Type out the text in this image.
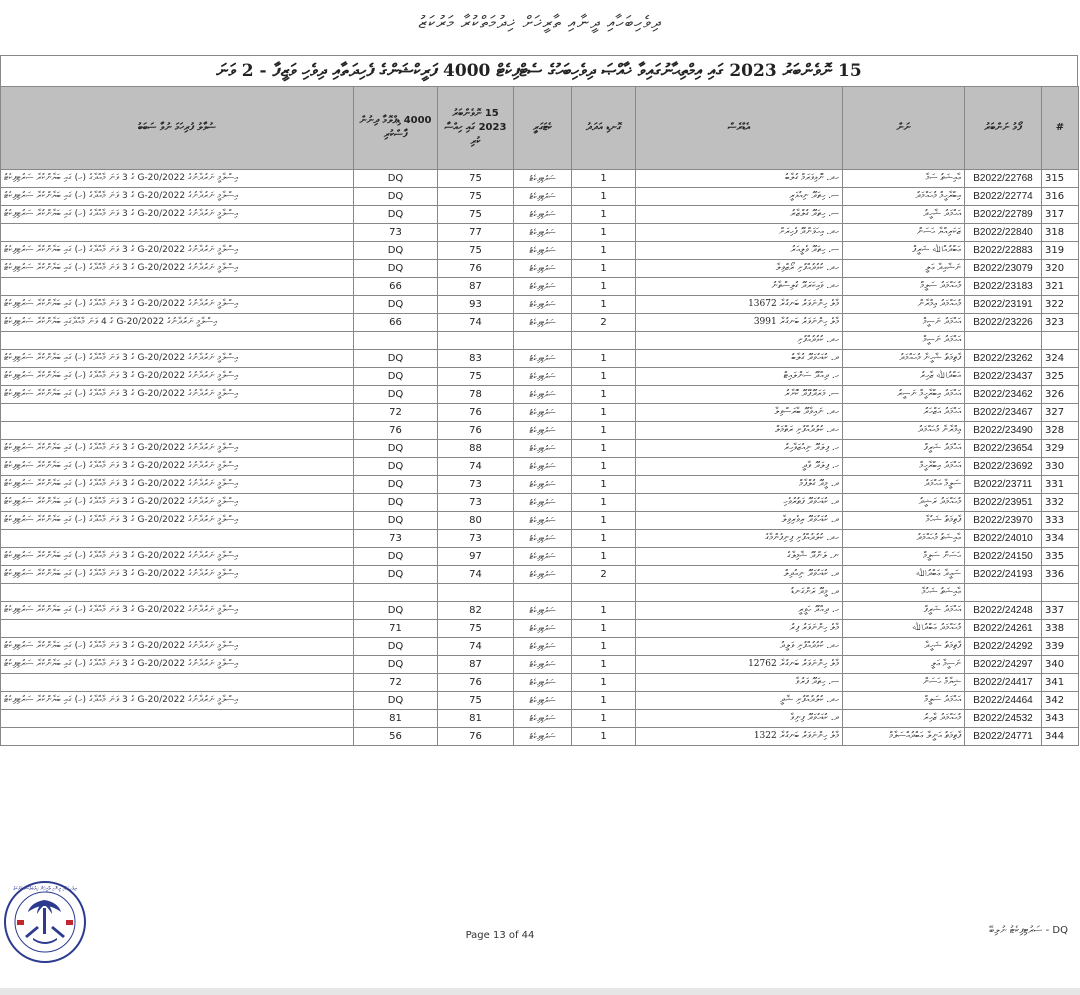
ދިވެހިބަހާއި ދީނާއި ތާރީޚަށް ޚިދުމަތްކުރާ މަރުކަޒު
15 ނޮވެންބަރު 2023 ގައި އިމްތިޙާނުގައިވާ ޚާއްޞަ ދިވެހިބަހުގެ ސެޓްފިކެޓް 4000 ފަރީކްޝަންގެ ފެހިދަތާއި ދިވެހި ވަޒީފާ - 2 ވަނަ
ސުވާލު ފުރިހަމަ ނުވާ ސަބަބު	4000 ޑިޕްލޮމާ ދިނުން ފާސްކުރި	15 ނޮވެންބަރު 2023 ގައި ހިއްސާ ކުރި	ކެޓަގަރީ	ގޮނޑި އަދަދު	އެޑްރެސް	ނަން	ފޯމު ނަންބަރު	#
އިސްލާމީ ނަރުދާނުގެ G-20/2022 ގެ 3 ވަނަ މާއްދާގެ (ހ) ގައި ބަޔާންކުރާ ސަރުޓިފިކެޓު	DQ	75	ސަރުޓިފިކެޓު	1	ހދ. ނޮޅިވަރަމް ގުލާބު	ޢާއިޝަތު ސަމާ	B2022/22768	315
އިސްލާމީ ނަރުދާނުގެ G-20/2022 ގެ 3 ވަނަ މާއްދާގެ (ހ) ގައި ބަޔާންކުރާ ސަރުޓިފިކެޓު	DQ	75	ސަރުޓިފިކެޓު	1	ސ. ހިތަދޫ ނިއުޅަރީ	އިބްރާހީމް މުޙައްމަދު	B2022/22774	316
އިސްލާމީ ނަރުދާނުގެ G-20/2022 ގެ 3 ވަނަ މާއްދާގެ (ހ) ގައި ބަޔާންކުރާ ސަރުޓިފިކެޓު	DQ	75	ސަރުޓިފިކެޓު	1	ސ. ހިތަދޫ ގުލްޒާރު	އަޙްމަދު ޝާހީދު	B2022/22789	317
	73	77	ސަރުޓިފިކެޓު	1	ހދ. އިހަވަންދޫ ފެހިރަށް	ޒަކަރިއްޔާ ޙަސަން	B2022/22840	318
އިސްލާމީ ނަރުދާނުގެ G-20/2022 ގެ 3 ވަނަ މާއްދާގެ (ހ) ގައި ބަޔާންކުރާ ސަރުޓިފިކެޓު	DQ	75	ސަރުޓިފިކެޓު	1	ސ. ހިތަދޫ ވެލީއަރު	ޢަބްދުއްﷲ ޝަރީފް	B2022/22883	319
އިސްލާމީ ނަރުދާނުގެ G-20/2022 ގެ 3 ވަނަ މާއްދާގެ (ހ) ގައި ބަޔާންކުރާ ސަރުޓިފިކެޓު	DQ	76	ސަރުޓިފިކެޓު	1	ހދ. ކުޅުދުއްފުށި ރޯޒްވިލާ	ނަޝާއިދާ ޢަލީ	B2022/23079	320
	66	87	ސަރުޓިފިކެޓު	1	ހދ. ވައިކަރަދޫ ގުލިސްތާނު	މުޙައްމަދު ސަލީމް	B2022/23183	321
އިސްލާމީ ނަރުދާނުގެ G-20/2022 ގެ 3 ވަނަ މާއްދާގެ (ހ) ގައި ބަޔާންކުރާ ސަރުޓިފިކެޓު	DQ	93	ސަރުޓިފިކެޓު	1	މާލެ ހިންނަވަރު ބަނގުރާ 13672	މުޙައްމަދު ޢިމްރާން	B2022/23191	322
އިސްލާމީ ނަރުދާނުގެ G-20/2022 ގެ 4 ވަނަ މާއްދާގައި ބަޔާންކުރާ ސަރުޓިފިކެޓު	66	74	ސަރުޓިފިކެޓު	2	މާލެ ހިންނަވަރު ބަނގުރާ 3991	އަޙްމަދު ނަސީމް	B2022/23226	323
					ހދ. ކުޅުދުއްފުށި	އަޙްމަދު ނަސީމް		
އިސްލާމީ ނަރުދާނުގެ G-20/2022 ގެ 3 ވަނަ މާއްދާގެ (ހ) ގައި ބަޔާންކުރާ ސަރުޓިފިކެޓު	DQ	83	ސަރުޓިފިކެޓު	1	ދ. ކުޑަހުވަދޫ ގުލާބު	ފާތިމަތު ޝާހީނާ މުޙައްމަދު	B2022/23262	324
އިސްލާމީ ނަރުދާނުގެ G-20/2022 ގެ 3 ވަނަ މާއްދާގެ (ހ) ގައި ބަޔާންކުރާ ސަރުޓިފިކެޓު	DQ	75	ސަރުޓިފިކެޓު	1	ހ. ދިއްދޫ ސަންލައިޓް	އަބްދުﷲ ޒާހިރު	B2022/23437	325
އިސްލާމީ ނަރުދާނުގެ G-20/2022 ގެ 3 ވަނަ މާއްދާގެ (ހ) ގައި ބަޔާންކުރާ ސަރުޓިފިކެޓު	DQ	78	ސަރުޓިފިކެޓު	1	ސ. މަރަދޫފޭދޫ ކޮށާރު	އަޙްމަދު އިބްރާހީމް ނަސީރު	B2022/23462	326
	72	76	ސަރުޓިފިކެޓު	1	ހދ. ނައިވާދޫ ބާރަސްވިލާ	އަޙްމަދު އަޒްހަރު	B2022/23467	327
	76	76	ސަރުޓިފިކެޓު	1	ހދ. ކުލުދުއްފުށި ރަތްމަލް	ޢިމްރާނާ މުޙައްމަދު	B2022/23490	328
އިސްލާމީ ނަރުދާނުގެ G-20/2022 ގެ 3 ވަނަ މާއްދާގެ (ހ) ގައި ބަޔާންކުރާ ސަރުޓިފިކެޓު	DQ	88	ސަރުޓިފިކެޓު	1	ހ. ފިލަދޫ ނިއުޒަވާހިރު	އަޙްމަދު ޝަރީފް	B2022/23654	329
އިސްލާމީ ނަރުދާނުގެ G-20/2022 ގެ 3 ވަނަ މާއްދާގެ (ހ) ގައި ބަޔާންކުރާ ސަރުޓިފިކެޓު	DQ	74	ސަރުޓިފިކެޓު	1	ހ. ފިލަދޫ ވާދީ	އަޙްމަދު އިބްރާހީމް	B2022/23692	330
އިސްލާމީ ނަރުދާނުގެ G-20/2022 ގެ 3 ވަނަ މާއްދާގެ (ހ) ގައި ބަޔާންކުރާ ސަރުޓިފިކެޓު	DQ	73	ސަރުޓިފިކެޓު	1	ދ. މީދޫ ގުލްފާމް	ސަލީމާ އަޙްމަދު	B2022/23711	331
އިސްލާމީ ނަރުދާނުގެ G-20/2022 ގެ 3 ވަނަ މާއްދާގެ (ހ) ގައި ބަޔާންކުރާ ސަރުޓިފިކެޓު	DQ	73	ސަރުޓިފިކެޓު	1	ދ. ކުޑަހުވަދޫ ފަތުރުވެހި	މުޙައްމަދު ރަޝީދު	B2022/23951	332
އިސްލާމީ ނަރުދާނުގެ G-20/2022 ގެ 3 ވަނަ މާއްދާގެ (ހ) ގައި ބަޔާންކުރާ ސަރުޓިފިކެޓު	DQ	80	ސަރުޓިފިކެޓު	1	ދ. ކުޑަހުވަދޫ ރިވެރިވިލާ	ފާތިމަތު ޝަހުމާ	B2022/23970	333
	73	73	ސަރުޓިފިކެޓު	1	ހދ. ކުލުދުއްފުށި ފިނިފެންމާގެ	ޢާއިޝަތު މުޙައްމަދު	B2022/24010	334
އިސްލާމީ ނަރުދާނުގެ G-20/2022 ގެ 3 ވަނަ މާއްދާގެ (ހ) ގައި ބަޔާންކުރާ ސަރުޓިފިކެޓު	DQ	97	ސަރުޓިފިކެޓު	1	ނ. ލަންދޫ ޝާމިލާގެ	ޙަސަން ސަލީމް	B2022/24150	335
އިސްލާމީ ނަރުދާނުގެ G-20/2022 ގެ 3 ވަނަ މާއްދާގެ (ހ) ގައި ބަޔާންކުރާ ސަރުޓިފިކެޓު	DQ	74	ސަރުޓިފިކެޓު	2	ދ. ކުޑަހުވަދޫ ނިއުދިލް	ސަޢީދާ ޢަބްދުﷲ	B2022/24193	336
					ދ. މީދޫ ރަންގަނޑު	ޢާއިޝަތު ޝަހުމާ		
އިސްލާމީ ނަރުދާނުގެ G-20/2022 ގެ 3 ވަނަ މާއްދާގެ (ހ) ގައި ބަޔާންކުރާ ސަރުޓިފިކެޓު	DQ	82	ސަރުޓިފިކެޓު	1	ހ. ދިއްދޫ ހަވީރީ	އަޙްމަދު ޝަރީފް	B2022/24248	337
	71	75	ސަރުޓިފިކެޓު	1	މާލެ ހިންނަވަރު ފިރު	މުޙައްމަދު ޢަބްދުﷲ	B2022/24261	338
އިސްލާމީ ނަރުދާނުގެ G-20/2022 ގެ 3 ވަނަ މާއްދާގެ (ހ) ގައި ބަޔާންކުރާ ސަރުޓިފިކެޓު	DQ	74	ސަރުޓިފިކެޓު	1	ހދ. ކުޅުދުއްފުށި ވަލީދު	ފާތިމަތު ޝަހީދާ	B2022/24292	339
އިސްލާމީ ނަރުދާނުގެ G-20/2022 ގެ 3 ވަނަ މާއްދާގެ (ހ) ގައި ބަޔާންކުރާ ސަރުޓިފިކެޓު	DQ	87	ސަރުޓިފިކެޓު	1	މާލެ ހިންނަވަރު ބަނގުރާ 12762	ނަސީމާ ޢަލީ	B2022/24297	340
	72	76	ސަރުޓިފިކެޓު	1	ސ. ހިތަދޫ ފަރުވާ	ޝިޔާމް ޙަސަން	B2022/24417	341
އިސްލާމީ ނަރުދާނުގެ G-20/2022 ގެ 3 ވަނަ މާއްދާގެ (ހ) ގައި ބަޔާންކުރާ ސަރުޓިފިކެޓު	DQ	75	ސަރުޓިފިކެޓު	1	ހދ. ކުލުދުއްފުށި ޝާދީ	އަޙްމަދު ސަލީމް	B2022/24464	342
	81	81	ސަރުޓިފިކެޓު	1	ދ. ކުޑަހުވަދޫ ފިނިވާ	މުޙައްމަދު ޒާހިރު	B2022/24532	343
	56	76	ސަރުޓިފިކެޓު	1	މާލެ ހިންނަވަރު ބަނގުރާ 1322	ފާތިމަތު އަނީލާ ޢަބްދުއްސަލާމް	B2022/24771	344
ދިވެހިބަހާއި ދީނާއި ތާރީޚަށް ޚިދުމަތްކުރާ މަރުކަޒު
Page 13 of 44	DQ - ސަރުޓިފިކެޓު ނުލިބޭ
